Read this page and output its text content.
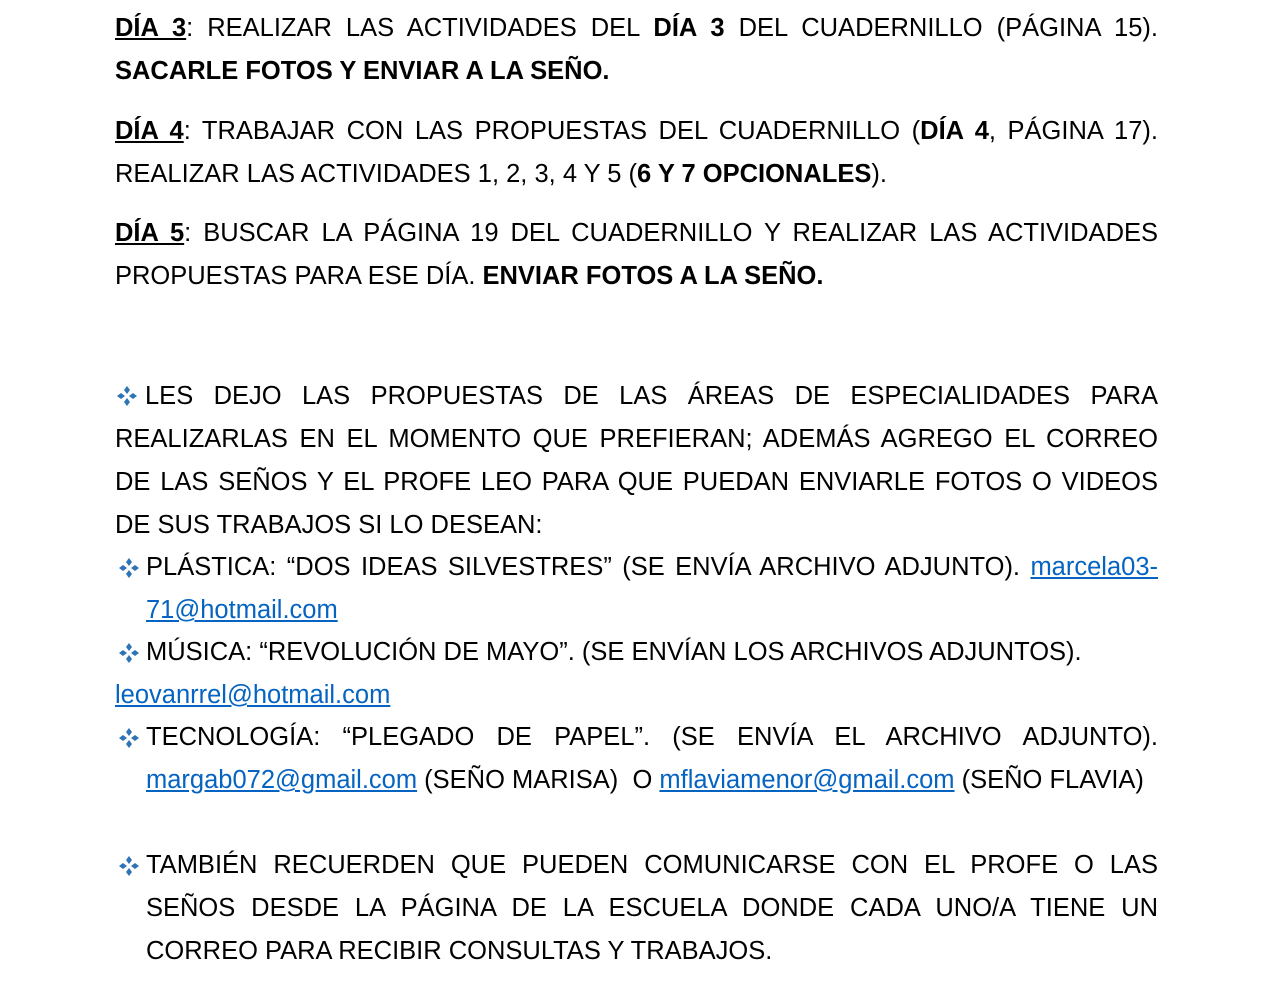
DÍA 3: REALIZAR LAS ACTIVIDADES DEL DÍA 3 DEL CUADERNILLO (PÁGINA 15). SACARLE FOTOS Y ENVIAR A LA SEÑO.

DÍA 4: TRABAJAR CON LAS PROPUESTAS DEL CUADERNILLO (DÍA 4, PÁGINA 17). REALIZAR LAS ACTIVIDADES 1, 2, 3, 4 Y 5 (6 Y 7 OPCIONALES).

DÍA 5: BUSCAR LA PÁGINA 19 DEL CUADERNILLO Y REALIZAR LAS ACTIVIDADES PROPUESTAS PARA ESE DÍA. ENVIAR FOTOS A LA SEÑO.

LES DEJO LAS PROPUESTAS DE LAS ÁREAS DE ESPECIALIDADES PARA REALIZARLAS EN EL MOMENTO QUE PREFIERAN; ADEMÁS AGREGO EL CORREO DE LAS SEÑOS Y EL PROFE LEO PARA QUE PUEDAN ENVIARLE FOTOS O VIDEOS DE SUS TRABAJOS SI LO DESEAN:

PLÁSTICA: “DOS IDEAS SILVESTRES” (SE ENVÍA ARCHIVO ADJUNTO). marcela03-71@hotmail.com
MÚSICA: “REVOLUCIÓN DE MAYO”. (SE ENVÍAN LOS ARCHIVOS ADJUNTOS).
leovanrrel@hotmail.com
TECNOLOGÍA: “PLEGADO DE PAPEL”. (SE ENVÍA EL ARCHIVO ADJUNTO). margab072@gmail.com (SEÑO MARISA)  O mflaviamenor@gmail.com (SEÑO FLAVIA)
TAMBIÉN RECUERDEN QUE PUEDEN COMUNICARSE CON EL PROFE O LAS SEÑOS DESDE LA PÁGINA DE LA ESCUELA DONDE CADA UNO/A TIENE UN CORREO PARA RECIBIR CONSULTAS Y TRABAJOS.
